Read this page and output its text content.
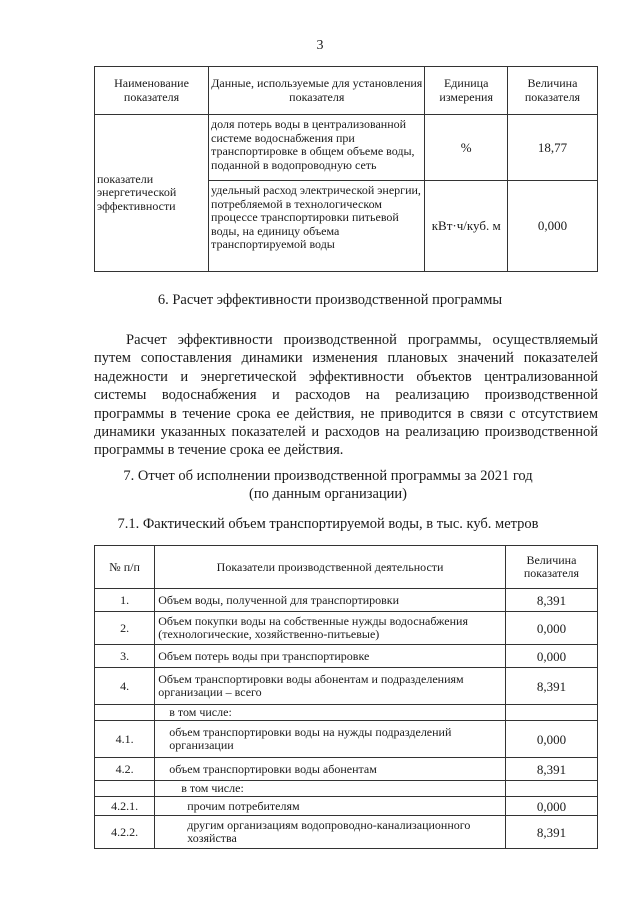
3
Наименование показателя	Данные, используемые для установления показателя	Единица измерения	Величина показателя
показатели энергетической эффективности	доля потерь воды в централизованной системе водоснабжения при транспортировке в общем объеме воды, поданной в водопроводную сеть	%	18,77
	удельный расход электрической энергии, потребляемой в технологическом процессе транспортировки питьевой воды, на единицу объема транспортируемой воды	кВт·ч/куб. м	0,000
6. Расчет эффективности производственной программы
Расчет эффективности производственной программы, осуществляемый путем сопоставления динамики изменения плановых значений показателей надежности и энергетической эффективности объектов централизованной системы водоснабжения и расходов на реализацию производственной программы в течение срока ее действия, не приводится в связи с отсутствием динамики указанных показателей и расходов на реализацию производственной программы в течение срока ее действия.
7. Отчет об исполнении производственной программы за 2021 год
(по данным организации)
7.1. Фактический объем транспортируемой воды, в тыс. куб. метров
№ п/п	Показатели производственной деятельности	Величина показателя
1.	Объем воды, полученной для транспортировки	8,391
2.	Объем покупки воды на собственные нужды водоснабжения (технологические, хозяйственно-питьевые)	0,000
3.	Объем потерь воды при транспортировке	0,000
4.	Объем транспортировки воды абонентам и подразделениям организации – всего	8,391
	в том числе:	
4.1.	объем транспортировки воды на нужды подразделений организации	0,000
4.2.	объем транспортировки воды абонентам	8,391
	в том числе:	
4.2.1.	прочим потребителям	0,000
4.2.2.	другим организациям водопроводно-канализационного хозяйства	8,391
